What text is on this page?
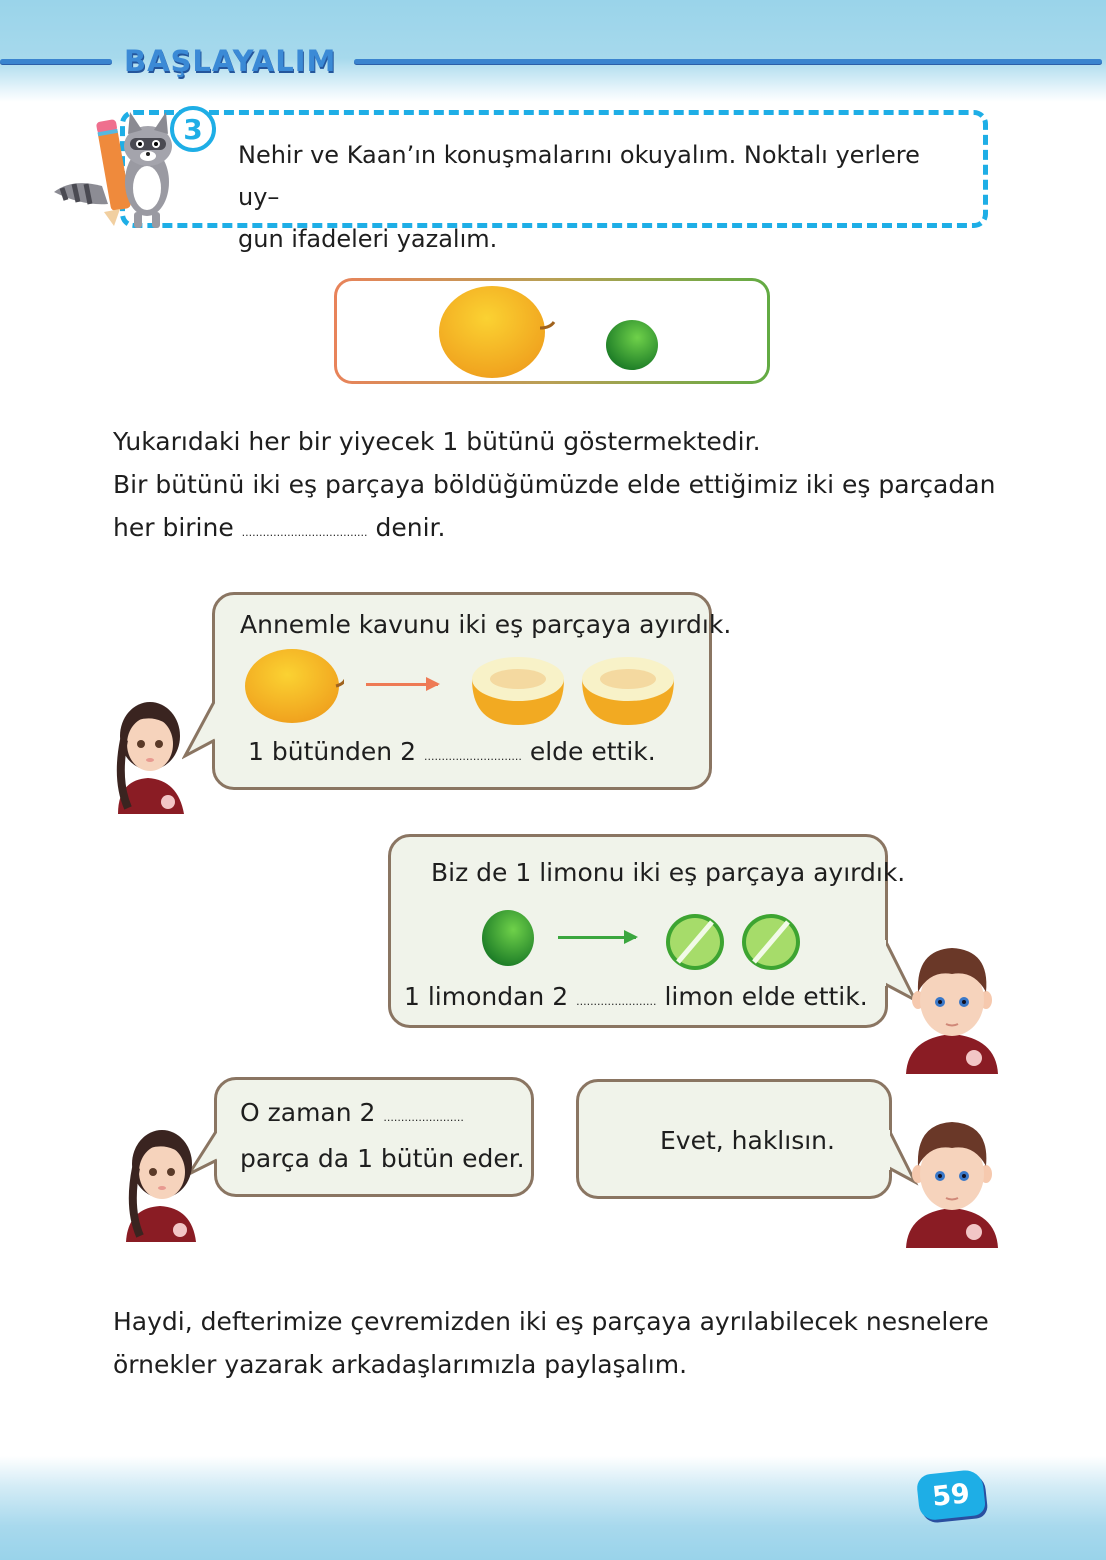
BAŞLAYALIM
3
Nehir ve Kaan’ın konuşmalarını okuyalım. Noktalı yerlere uy–
gun ifadeleri yazalım.
Yukarıdaki her bir yiyecek 1 bütünü göstermektedir.
Bir bütünü iki eş parçaya böldüğümüzde elde ettiğimiz iki eş parçadan
her birine .................................... denir.
Annemle kavunu iki eş parçaya ayırdık.
1 bütünden 2 ............................ elde ettik.
Biz de 1 limonu iki eş parçaya ayırdık.
1 limondan 2 ....................... limon elde ettik.
O zaman 2 .......................
parça da 1 bütün eder.
Evet, haklısın.
Haydi, defterimize çevremizden iki eş parçaya ayrılabilecek nesnelere
örnekler yazarak arkadaşlarımızla paylaşalım.
59
